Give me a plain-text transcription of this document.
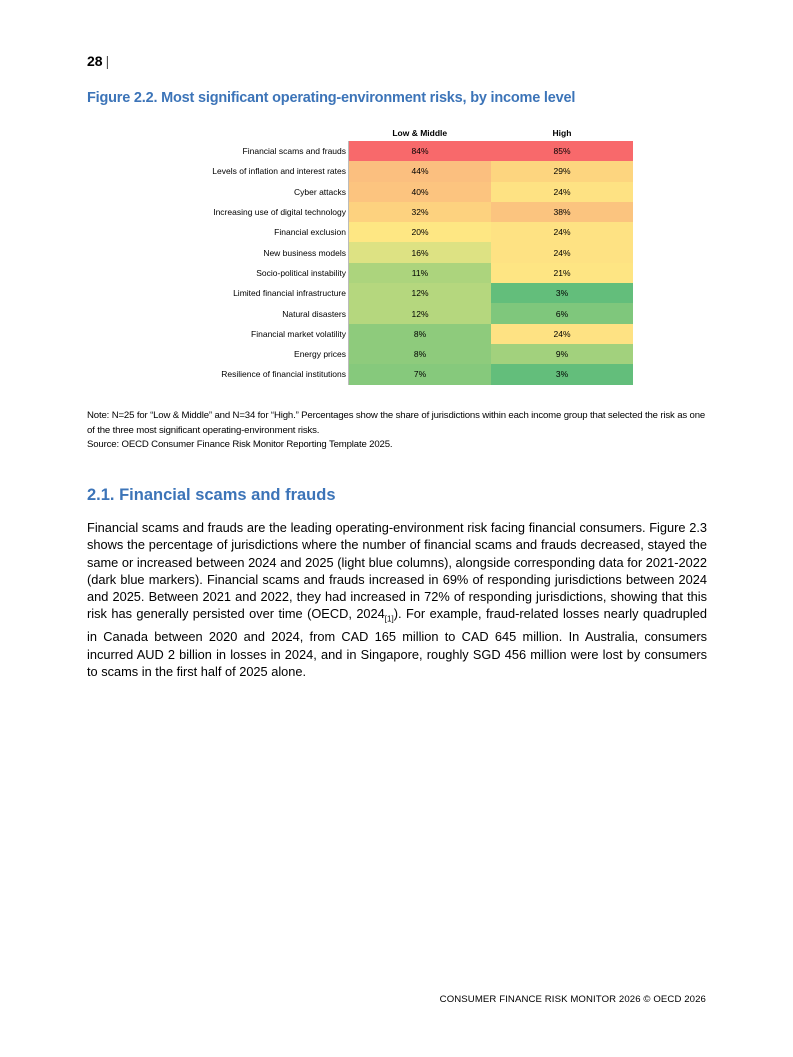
28 |
Figure 2.2. Most significant operating-environment risks, by income level
	Low & Middle	High
Financial scams and frauds	84%	85%
Levels of inflation and interest rates	44%	29%
Cyber attacks	40%	24%
Increasing use of digital technology	32%	38%
Financial exclusion	20%	24%
New business models	16%	24%
Socio-political instability	11%	21%
Limited financial infrastructure	12%	3%
Natural disasters	12%	6%
Financial market volatility	8%	24%
Energy prices	8%	9%
Resilience of financial institutions	7%	3%
Note: N=25 for “Low & Middle” and N=34 for “High.” Percentages show the share of jurisdictions within each income group that selected the risk as one of the three most significant operating-environment risks.
Source: OECD Consumer Finance Risk Monitor Reporting Template 2025.
2.1. Financial scams and frauds
Financial scams and frauds are the leading operating-environment risk facing financial consumers. Figure 2.3 shows the percentage of jurisdictions where the number of financial scams and frauds decreased, stayed the same or increased between 2024 and 2025 (light blue columns), alongside corresponding data for 2021-2022 (dark blue markers). Financial scams and frauds increased in 69% of responding jurisdictions between 2024 and 2025. Between 2021 and 2022, they had increased in 72% of responding jurisdictions, showing that this risk has generally persisted over time (OECD, $2024_{[1]}$). For example, fraud-related losses nearly quadrupled in Canada between 2020 and 2024, from CAD 165 million to CAD 645 million. In Australia, consumers incurred AUD 2 billion in losses in 2024, and in Singapore, roughly SGD 456 million were lost by consumers to scams in the first half of 2025 alone.
CONSUMER FINANCE RISK MONITOR 2026 © OECD 2026
